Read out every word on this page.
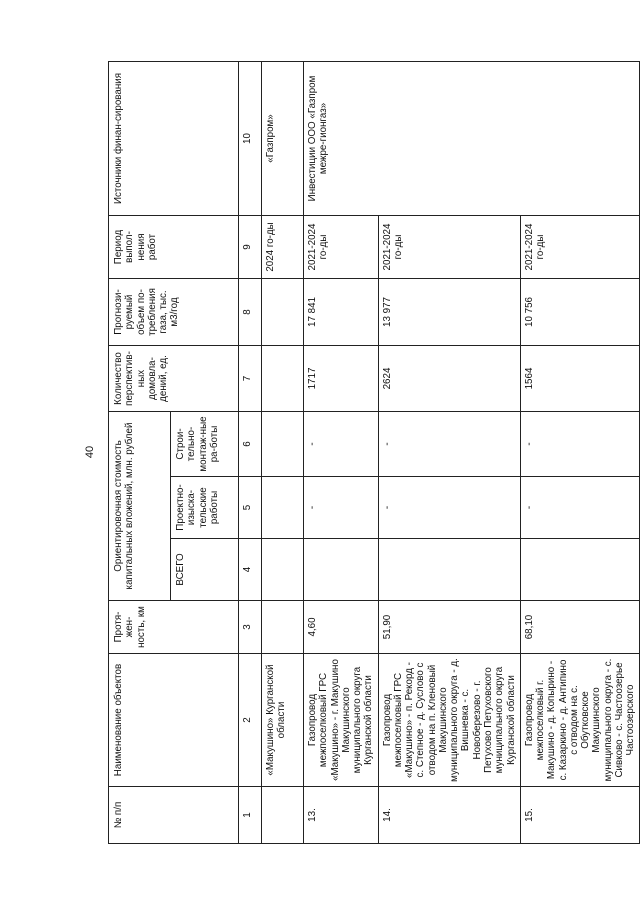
40
№ п/п	Наименование объектов	Протя-жен-ность, км	Ориентировочная стоимость капитальных вложений, млн. рублей			Количество перспектив-ных домовла-дений, ед.	Прогнози-руемый объем по-требления газа, тыс. м3/год	Период выпол-нения работ	Источники финан-сирования
			ВСЕГО	Проектно-изыска-тельские работы	Строи-тельно-монтаж-ные ра-боты				
1	2	3	4	5	6	7	8	9	10
	«Макушино» Курганской области							2024 го-ды	«Газпром»
13.	Газопровод межпоселковый ГРС «Макушино» - г. Макушино Макушинского муниципального округа Курганской области	4,60		-	-	1717	17 841	2021-2024 го-ды	Инвестиции ООО «Газпром межре-гионгаз»
14.	Газопровод межпоселковый ГРС «Макушино» - п. Рекорд - с. Степное - д. Суслово с отводом на п. Кленовый Макушинского муниципального округа - д. Вишневка - с. Новоберезово - г. Петухово Петуховского муниципального округа Курганской области	51,90		-	-	2624	13 977	2021-2024 го-ды	
15.	Газопровод межпоселковый г. Макушино - д. Копырино - с. Казаркино - д. Антипино с отводом на с. Обутковское Макушинского муниципального округа - с. Сивково - с. Частоозерье Частоозерского	68,10		-	-	1564	10 756	2021-2024 го-ды	
